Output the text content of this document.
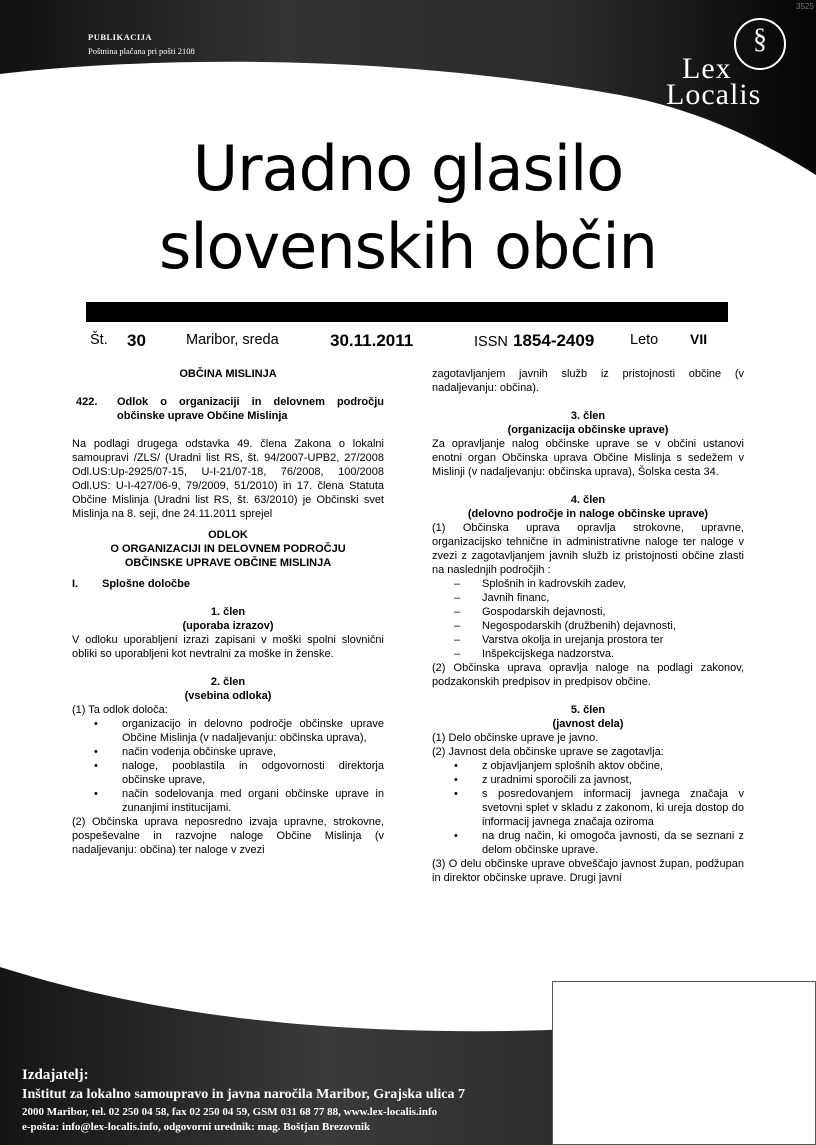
PUBLIKACIJA
Poštnina plačana pri pošti 2108
3525
§
Lex
Localis
Uradno glasilo
slovenskih občin
Št. 30	Maribor, sreda	30.11.2011	ISSN 1854-2409 Leto VII

OBČINA MISLINJA

422. Odlok o organizaciji in delovnem področju občinske uprave Občine Mislinja

Na podlagi drugega odstavka 49. člena Zakona o lokalni samoupravi /ZLS/ (Uradni list RS, št. 94/2007-UPB2, 27/2008 Odl.US:Up-2925/07-15, U-I-21/07-18, 76/2008, 100/2008 Odl.US: U-I-427/06-9, 79/2009, 51/2010) in 17. člena Statuta Občine Mislinja (Uradni list RS, št. 63/2010) je Občinski svet Mislinja na 8. seji, dne 24.11.2011 sprejel

ODLOK

O ORGANIZACIJI IN DELOVNEM PODROČJU

OBČINSKE UPRAVE OBČINE MISLINJA

I. Splošne določbe

1. člen

(uporaba izrazov)

V odloku uporabljeni izrazi zapisani v moški spolni slovnični obliki so uporabljeni kot nevtralni za moške in ženske.

2. člen

(vsebina odloka)

(1) Ta odlok določa:

• organizacijo in delovno področje občinske uprave Občine Mislinja (v nadaljevanju: občinska uprava),
• način vodenja občinske uprave,
• naloge, pooblastila in odgovornosti direktorja občinske uprave,
• način sodelovanja med organi občinske uprave in zunanjimi institucijami.

(2) Občinska uprava neposredno izvaja upravne, strokovne, pospeševalne in razvojne naloge Občine Mislinja (v nadaljevanju: občina) ter naloge v zvezi

zagotavljanjem javnih služb iz pristojnosti občine (v nadaljevanju: občina).

3. člen

(organizacija občinske uprave)

Za opravljanje nalog občinske uprave se v občini ustanovi enotni organ Občinska uprava Občine Mislinja s sedežem v Mislinji (v nadaljevanju: občinska uprava), Šolska cesta 34.

4. člen

(delovno področje in naloge občinske uprave)

(1) Občinska uprava opravlja strokovne, upravne, organizacijsko tehnične in administrativne naloge ter naloge v zvezi z zagotavljanjem javnih služb iz pristojnosti občine zlasti na naslednjih področjih :

– Splošnih in kadrovskih zadev,
– Javnih financ,
– Gospodarskih dejavnosti,
– Negospodarskih (družbenih) dejavnosti,
– Varstva okolja in urejanja prostora ter
– Inšpekcijskega nadzorstva.

(2) Občinska uprava opravlja naloge na podlagi zakonov, podzakonskih predpisov in predpisov občine.

5. člen

(javnost dela)

(1) Delo občinske uprave je javno.

(2) Javnost dela občinske uprave se zagotavlja:

• z objavljanjem splošnih aktov občine,
• z uradnimi sporočili za javnost,
• s posredovanjem informacij javnega značaja v svetovni splet v skladu z zakonom, ki ureja dostop do informacij javnega značaja oziroma
• na drug način, ki omogoča javnosti, da se seznani z delom občinske uprave.

(3) O delu občinske uprave obveščajo javnost župan, podžupan in direktor občinske uprave. Drugi javni

Izdajatelj:
Inštitut za lokalno samoupravo in javna naročila Maribor, Grajska ulica 7
2000 Maribor, tel. 02 250 04 58, fax 02 250 04 59, GSM 031 68 77 88, www.lex-localis.info
e-pošta: info@lex-localis.info, odgovorni urednik: mag. Boštjan Brezovnik
